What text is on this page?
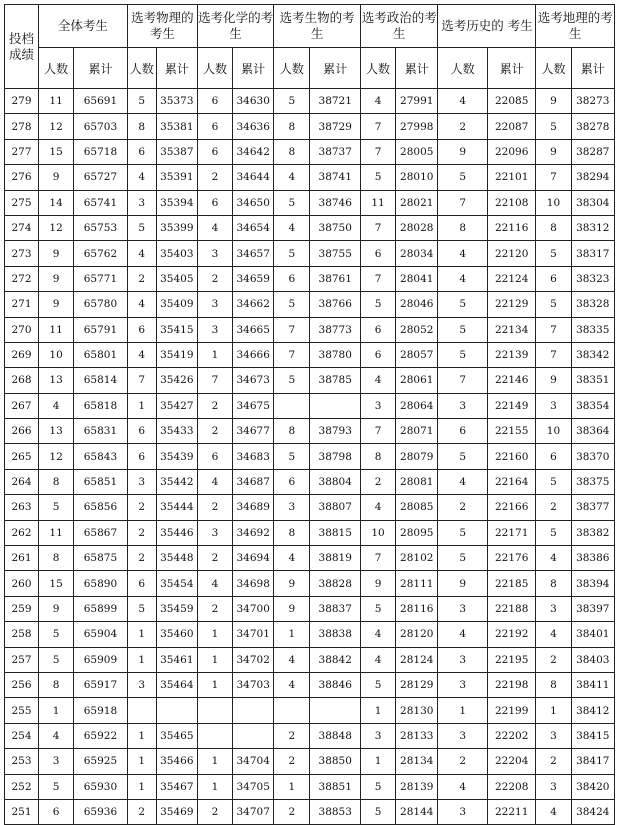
投档成绩	全体考生		选考物理的考生		选考化学的考生		选考生物的考生		选考政治的考生		选考历史的 考生		选考地理的考生	
	人数	累计	人数	累计	人数	累计	人数	累计	人数	累计	人数	累计	人数	累计
279	11	65691	5	35373	6	34630	5	38721	4	27991	4	22085	9	38273
278	12	65703	8	35381	6	34636	8	38729	7	27998	2	22087	5	38278
277	15	65718	6	35387	6	34642	8	38737	7	28005	9	22096	9	38287
276	9	65727	4	35391	2	34644	4	38741	5	28010	5	22101	7	38294
275	14	65741	3	35394	6	34650	5	38746	11	28021	7	22108	10	38304
274	12	65753	5	35399	4	34654	4	38750	7	28028	8	22116	8	38312
273	9	65762	4	35403	3	34657	5	38755	6	28034	4	22120	5	38317
272	9	65771	2	35405	2	34659	6	38761	7	28041	4	22124	6	38323
271	9	65780	4	35409	3	34662	5	38766	5	28046	5	22129	5	38328
270	11	65791	6	35415	3	34665	7	38773	6	28052	5	22134	7	38335
269	10	65801	4	35419	1	34666	7	38780	6	28057	5	22139	7	38342
268	13	65814	7	35426	7	34673	5	38785	4	28061	7	22146	9	38351
267	4	65818	1	35427	2	34675			3	28064	3	22149	3	38354
266	13	65831	6	35433	2	34677	8	38793	7	28071	6	22155	10	38364
265	12	65843	6	35439	6	34683	5	38798	8	28079	5	22160	6	38370
264	8	65851	3	35442	4	34687	6	38804	2	28081	4	22164	5	38375
263	5	65856	2	35444	2	34689	3	38807	4	28085	2	22166	2	38377
262	11	65867	2	35446	3	34692	8	38815	10	28095	5	22171	5	38382
261	8	65875	2	35448	2	34694	4	38819	7	28102	5	22176	4	38386
260	15	65890	6	35454	4	34698	9	38828	9	28111	9	22185	8	38394
259	9	65899	5	35459	2	34700	9	38837	5	28116	3	22188	3	38397
258	5	65904	1	35460	1	34701	1	38838	4	28120	4	22192	4	38401
257	5	65909	1	35461	1	34702	4	38842	4	28124	3	22195	2	38403
256	8	65917	3	35464	1	34703	4	38846	5	28129	3	22198	8	38411
255	1	65918							1	28130	1	22199	1	38412
254	4	65922	1	35465			2	38848	3	28133	3	22202	3	38415
253	3	65925	1	35466	1	34704	2	38850	1	28134	2	22204	2	38417
252	5	65930	1	35467	1	34705	1	38851	5	28139	4	22208	3	38420
251	6	65936	2	35469	2	34707	2	38853	5	28144	3	22211	4	38424
